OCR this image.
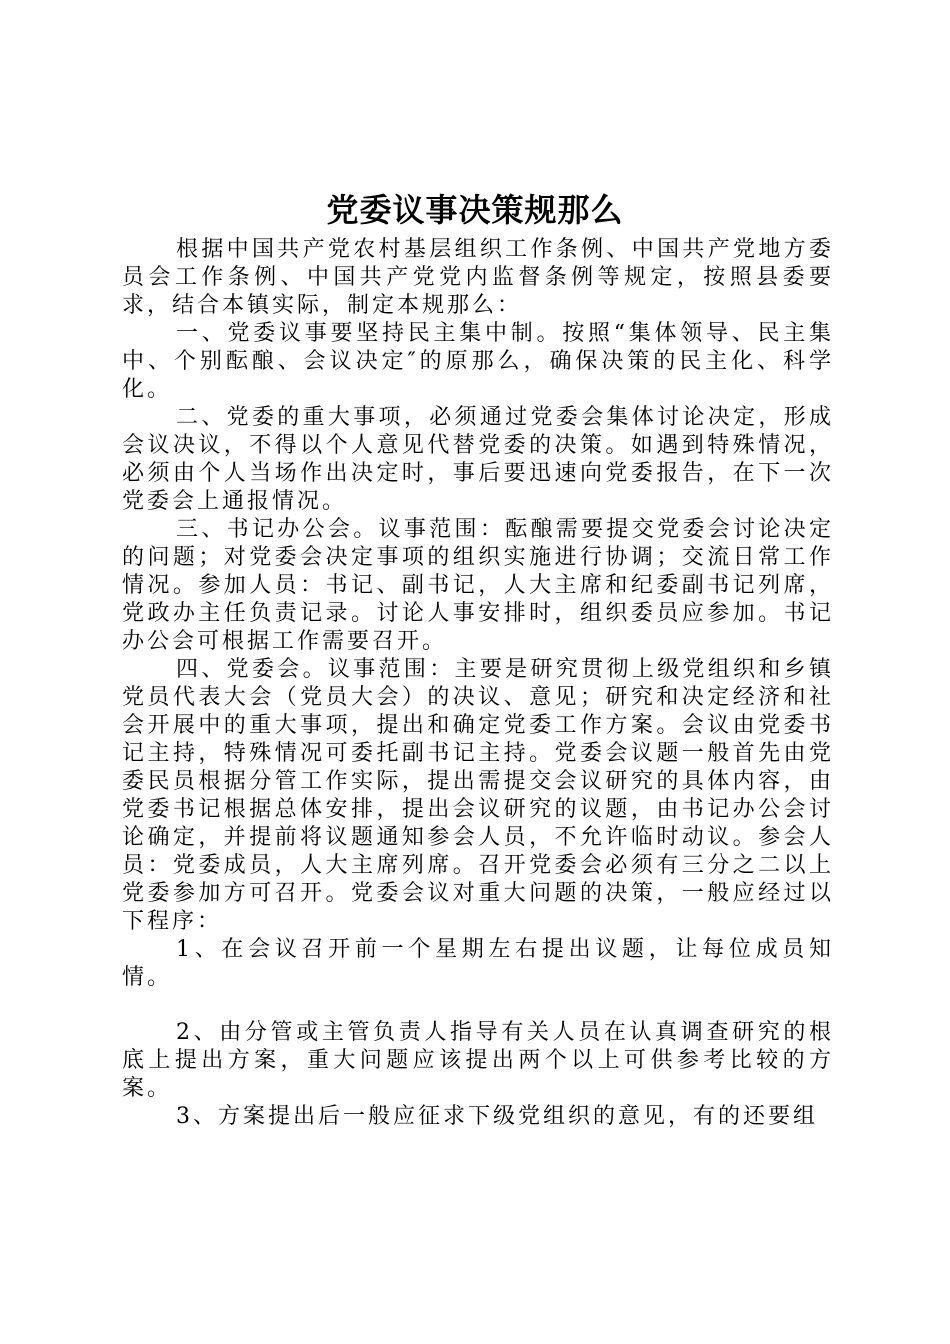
党委议事决策规那么

根据中国共产党农村基层组织工作条例、中国共产党地方委员会工作条例、中国共产党党内监督条例等规定，按照县委要求，结合本镇实际，制定本规那么：

一、党委议事要坚持民主集中制。按照“集体领导、民主集中、个别酝酿、会议决定″的原那么，确保决策的民主化、科学化。

二、党委的重大事项，必须通过党委会集体讨论决定，形成会议决议，不得以个人意见代替党委的决策。如遇到特殊情况，必须由个人当场作出决定时，事后要迅速向党委报告，在下一次党委会上通报情况。

三、书记办公会。议事范围：酝酿需要提交党委会讨论决定的问题；对党委会决定事项的组织实施进行协调；交流日常工作情况。参加人员：书记、副书记，人大主席和纪委副书记列席，党政办主任负责记录。讨论人事安排时，组织委员应参加。书记办公会可根据工作需要召开。

四、党委会。议事范围：主要是研究贯彻上级党组织和乡镇党员代表大会（党员大会）的决议、意见；研究和决定经济和社会开展中的重大事项，提出和确定党委工作方案。会议由党委书记主持，特殊情况可委托副书记主持。党委会议题一般首先由党委民员根据分管工作实际，提出需提交会议研究的具体内容，由党委书记根据总体安排，提出会议研究的议题，由书记办公会讨论确定，并提前将议题通知参会人员，不允许临时动议。参会人员：党委成员，人大主席列席。召开党委会必须有三分之二以上党委参加方可召开。党委会议对重大问题的决策，一般应经过以下程序：

1、在会议召开前一个星期左右提出议题，让每位成员知情。

2、由分管或主管负责人指导有关人员在认真调查研究的根底上提出方案，重大问题应该提出两个以上可供参考比较的方案。

3、方案提出后一般应征求下级党组织的意见，有的还要组
